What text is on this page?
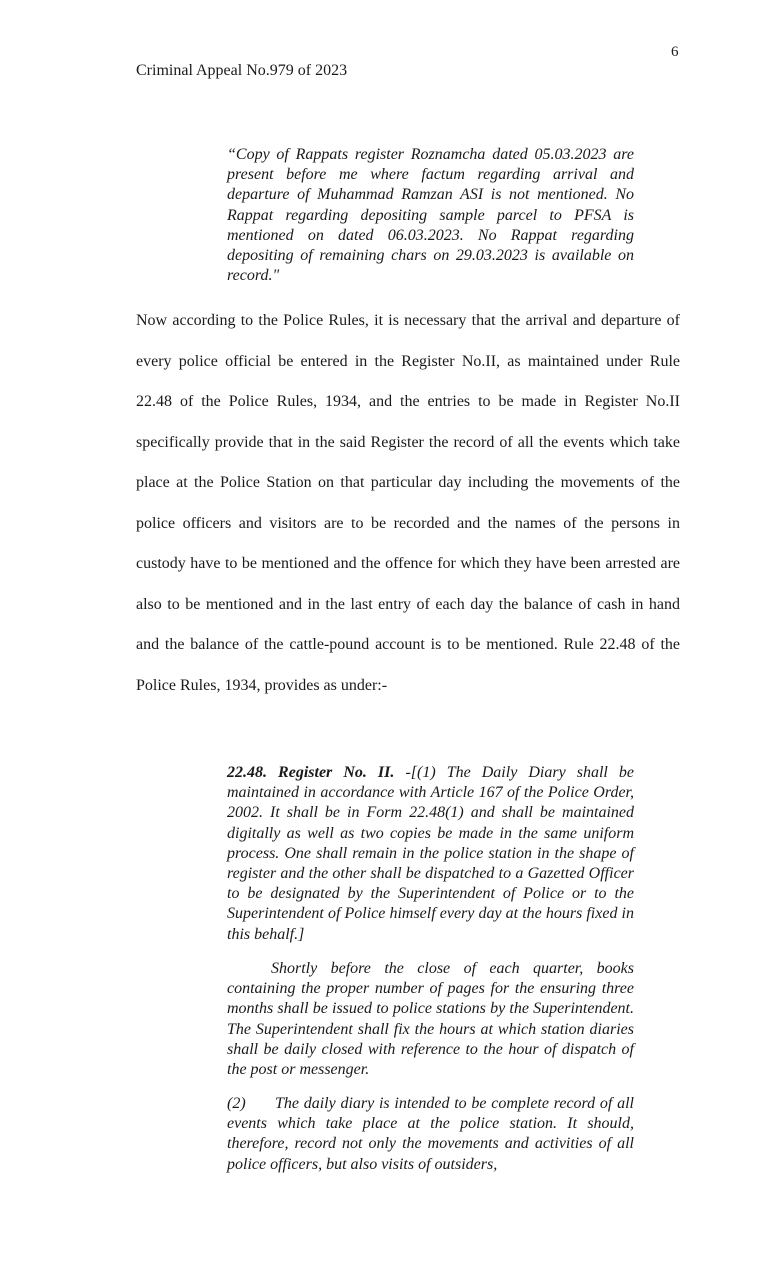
6
Criminal Appeal No.979 of 2023

“Copy of Rappats register Roznamcha dated 05.03.2023 are present before me where factum regarding arrival and departure of Muhammad Ramzan ASI is not mentioned. No Rappat regarding depositing sample parcel to PFSA is mentioned on dated 06.03.2023. No Rappat regarding depositing of remaining chars on 29.03.2023 is available on record."

Now according to the Police Rules, it is necessary that the arrival and departure of every police official be entered in the Register No.II, as maintained under Rule 22.48 of the Police Rules, 1934, and the entries to be made in Register No.II specifically provide that in the said Register the record of all the events which take place at the Police Station on that particular day including the movements of the police officers and visitors are to be recorded and the names of the persons in custody have to be mentioned and the offence for which they have been arrested are also to be mentioned and in the last entry of each day the balance of cash in hand and the balance of the cattle-pound account is to be mentioned. Rule 22.48 of the Police Rules, 1934, provides as under:-

22.48. Register No. II. -[(1) The Daily Diary shall be maintained in accordance with Article 167 of the Police Order, 2002. It shall be in Form 22.48(1) and shall be maintained digitally as well as two copies be made in the same uniform process. One shall remain in the police station in the shape of register and the other shall be dispatched to a Gazetted Officer to be designated by the Superintendent of Police or to the Superintendent of Police himself every day at the hours fixed in this behalf.]

Shortly before the close of each quarter, books containing the proper number of pages for the ensuring three months shall be issued to police stations by the Superintendent. The Superintendent shall fix the hours at which station diaries shall be daily closed with reference to the hour of dispatch of the post or messenger.

(2) The daily diary is intended to be complete record of all events which take place at the police station. It should, therefore, record not only the movements and activities of all police officers, but also visits of outsiders,
